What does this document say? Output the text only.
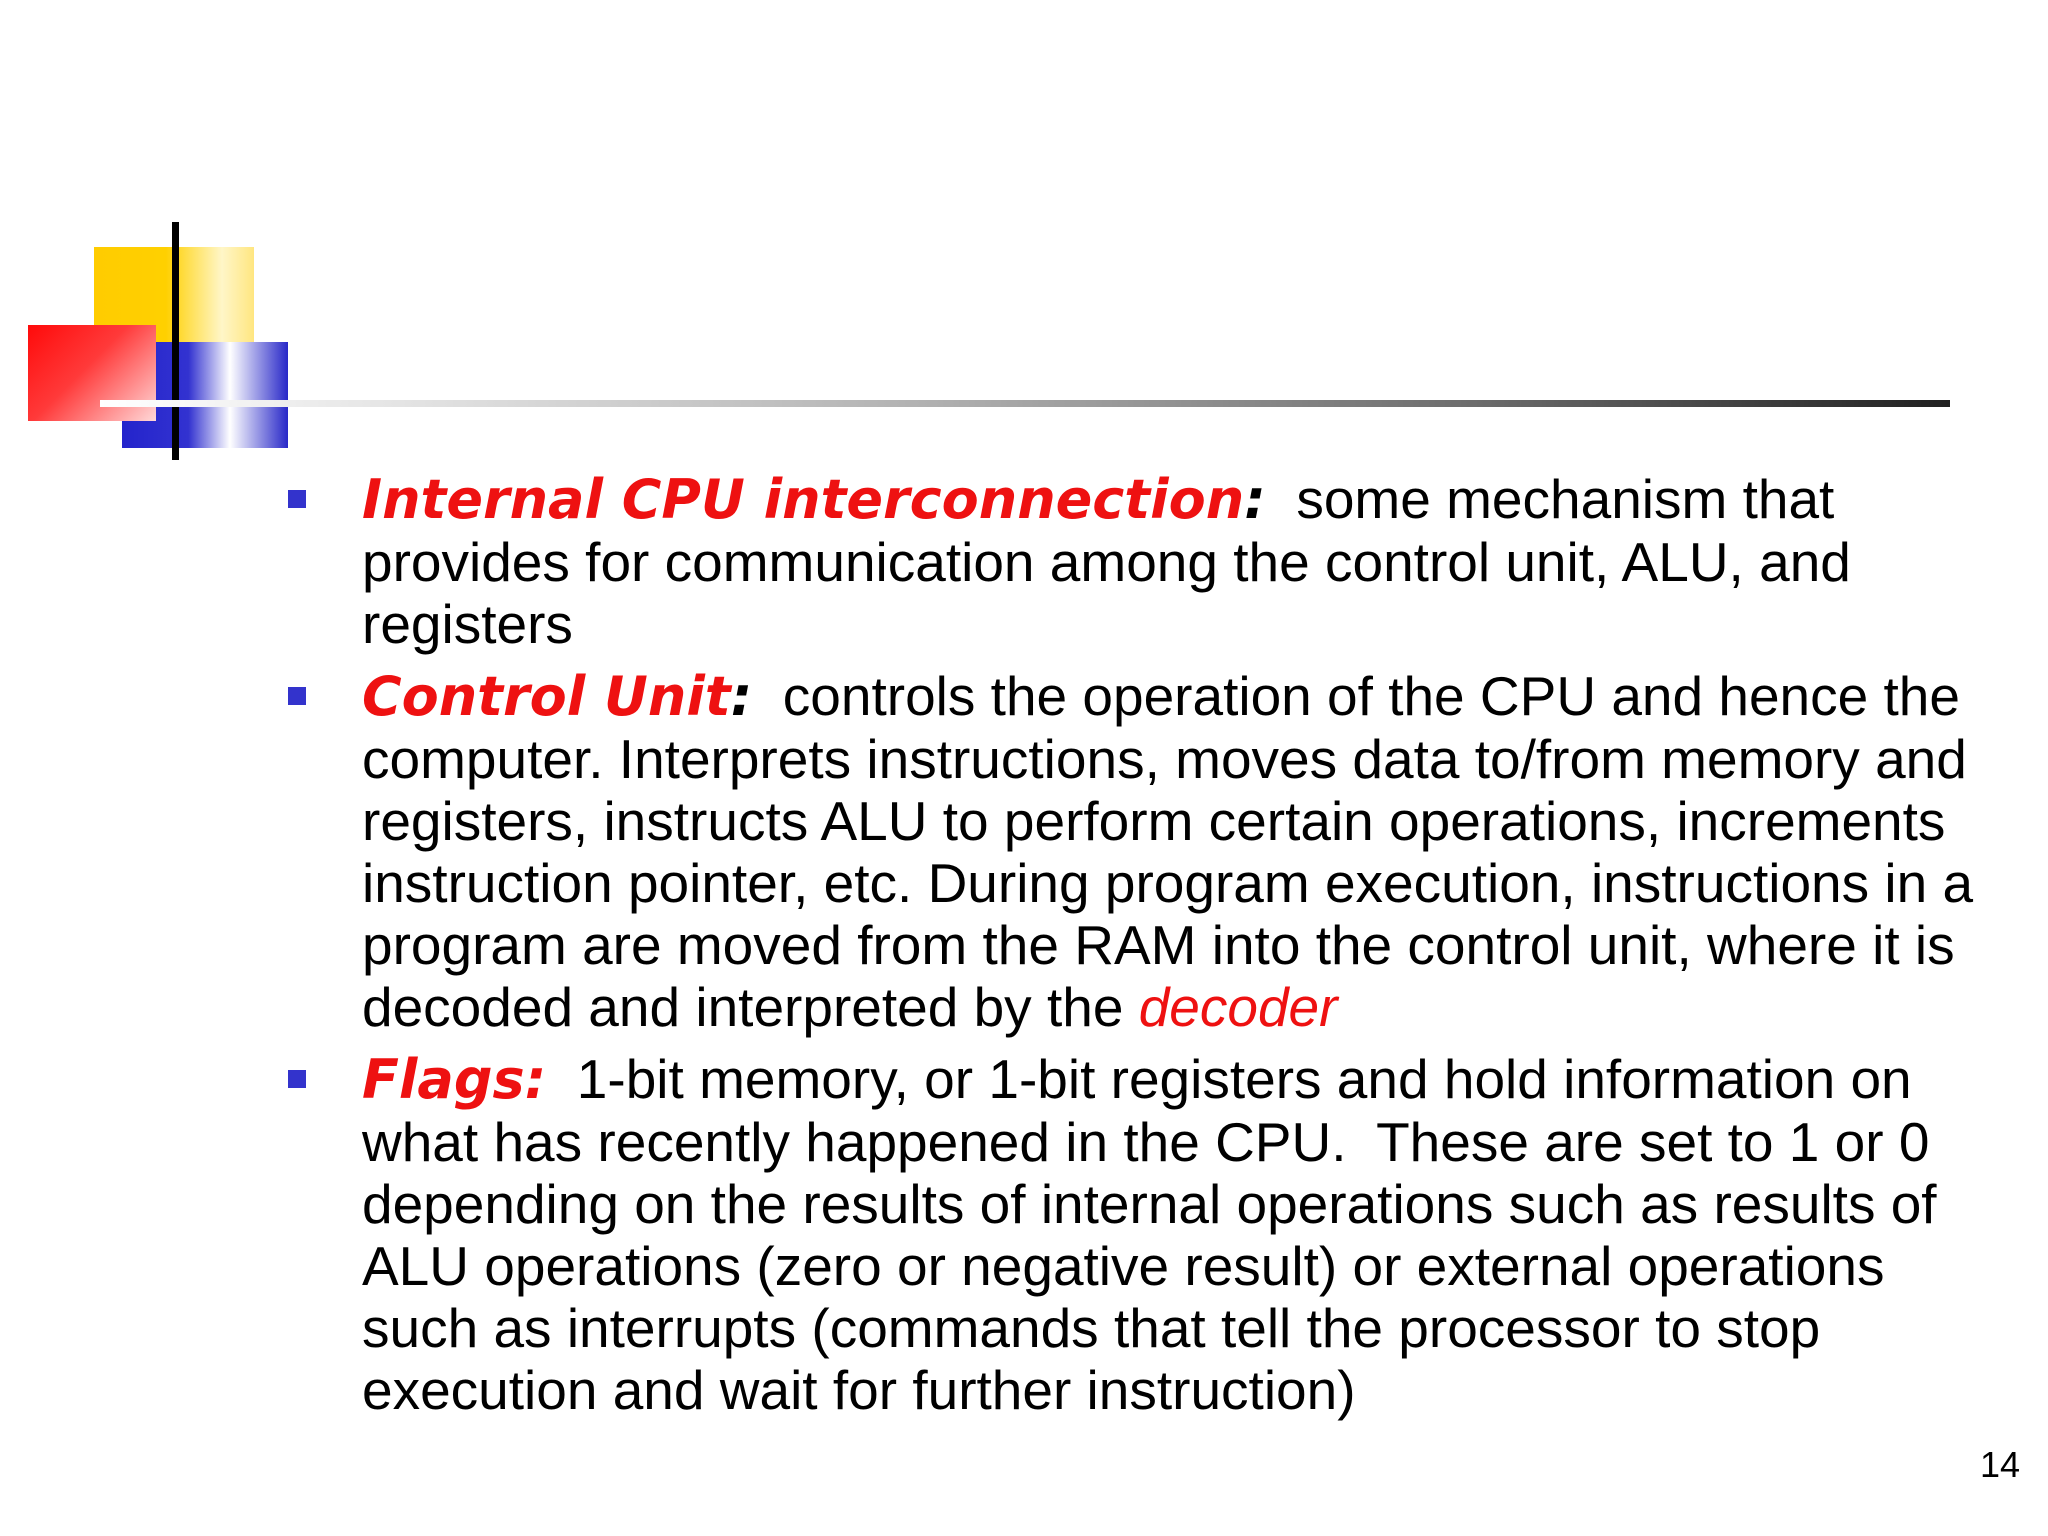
Internal CPU interconnection:  some mechanism that provides for communication among the control unit, ALU, and registers
Control Unit:  controls the operation of the CPU and hence the computer. Interprets instructions, moves data to/from memory and registers, instructs ALU to perform certain operations, increments instruction pointer, etc. During program execution, instructions in a program are moved from the RAM into the control unit, where it is decoded and interpreted by the decoder
Flags:  1-bit memory, or 1-bit registers and hold information on what has recently happened in the CPU.  These are set to 1 or 0 depending on the results of internal operations such as results of ALU operations (zero or negative result) or external operations such as interrupts (commands that tell the processor to stop execution and wait for further instruction)
14
